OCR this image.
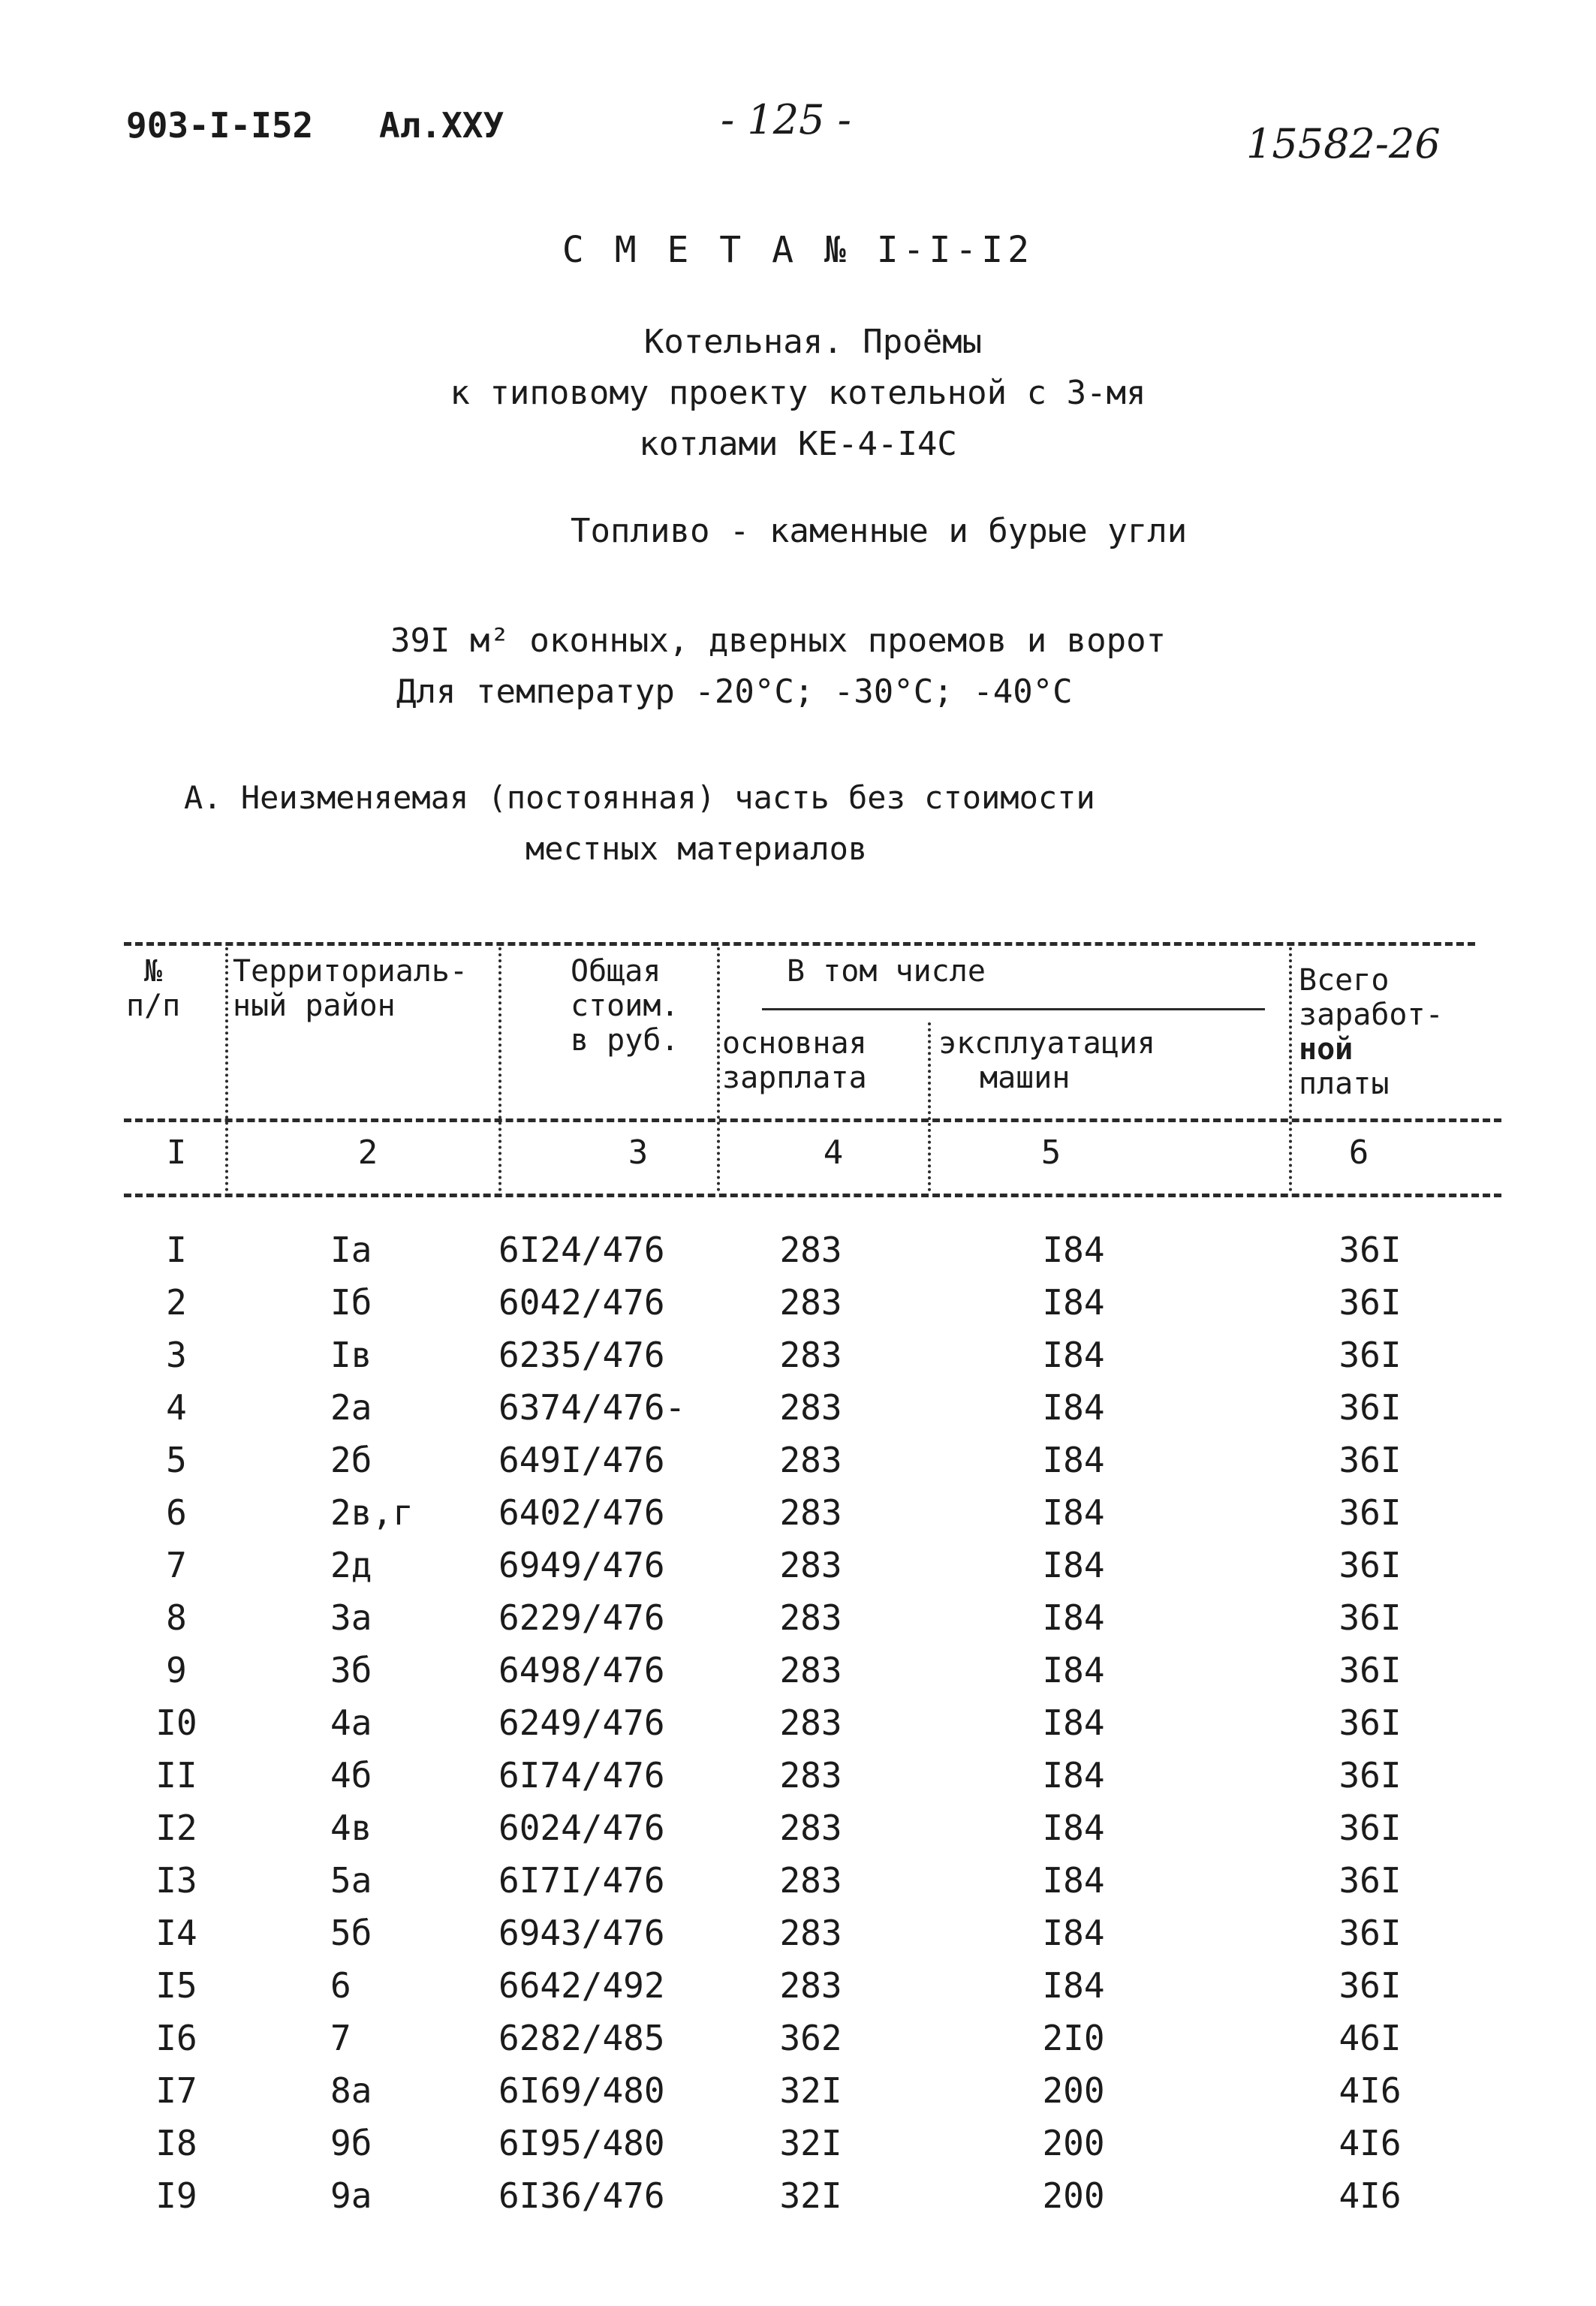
903-I-I52 Ал.XXУ	- 125 -
15582-26
С М Е Т А № I-I-I2
Котельная. Проёмы
к типовому проекту котельной с 3-мя
котлами КЕ-4-I4С
Топливо - каменные и бурые угли
39I м² оконных, дверных проемов и ворот
Для температур -20°С; -30°С; -40°С
А. Неизменяемая (постоянная) часть без стоимости
местных материалов
№
п/п
Территориаль-
ный район
Общая
стоим.
в руб.
В том числе
основная
зарплата
эксплуатация
машин
Всего
заработ-
ной
платы
I	2	3	4	5	6
I	Iа	6I24/476	283	I84	36I
2	Iб	6042/476	283	I84	36I
3	Iв	6235/476	283	I84	36I
4	2а	6374/476-	283	I84	36I
5	2б	649I/476	283	I84	36I
6	2в,г 6402/476	283	I84	36I
7	2д	6949/476	283	I84	36I
8	3а	6229/476	283	I84	36I
9	3б	6498/476	283	I84	36I
I0	4а	6249/476	283	I84	36I
II	4б	6I74/476	283	I84	36I
I2	4в	6024/476	283	I84	36I
I3	5а	6I7I/476	283	I84	36I
I4	5б	6943/476	283	I84	36I
I5	6	6642/492	283	I84	36I
I6	7	6282/485	362	2I0	46I
I7	8а	6I69/480	32I	200	4I6
I8	9б	6I95/480	32I	200	4I6
I9	9а	6I36/476	32I	200	4I6
